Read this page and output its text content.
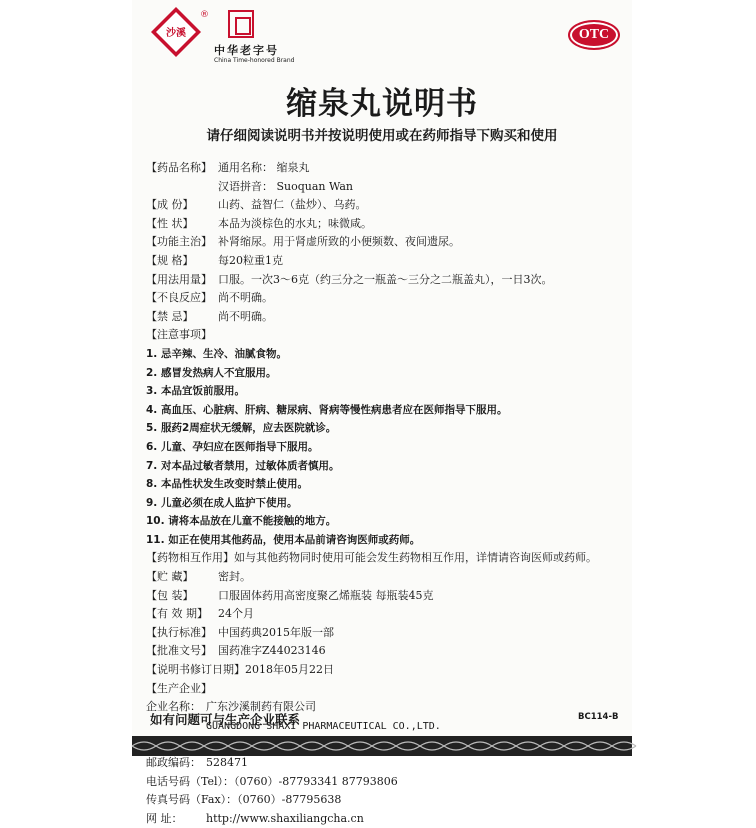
沙溪
®
中华老字号
China Time-honored Brand
OTC
缩泉丸说明书
请仔细阅读说明书并按说明使用或在药师指导下购买和使用
【药品名称】 通用名称： 缩泉丸
汉语拼音： Suoquan Wan
【成 份】 山药、益智仁（盐炒）、乌药。
【性 状】 本品为淡棕色的水丸；味微咸。
【功能主治】 补肾缩尿。用于肾虚所致的小便频数、夜间遗尿。
【规 格】 每20粒重1克
【用法用量】 口服。一次3～6克（约三分之一瓶盖～三分之二瓶盖丸），一日3次。
【不良反应】 尚不明确。
【禁 忌】 尚不明确。
【注意事项】
1. 忌辛辣、生冷、油腻食物。
2. 感冒发热病人不宜服用。
3. 本品宜饭前服用。
4. 高血压、心脏病、肝病、糖尿病、肾病等慢性病患者应在医师指导下服用。
5. 服药2周症状无缓解，应去医院就诊。
6. 儿童、孕妇应在医师指导下服用。
7. 对本品过敏者禁用，过敏体质者慎用。
8. 本品性状发生改变时禁止使用。
9. 儿童必须在成人监护下使用。
10. 请将本品放在儿童不能接触的地方。
11. 如正在使用其他药品，使用本品前请咨询医师或药师。
【药物相互作用】如与其他药物同时使用可能会发生药物相互作用，详情请咨询医师或药师。
【贮 藏】 密封。
【包 装】 口服固体药用高密度聚乙烯瓶装 每瓶装45克
【有 效 期】 24个月
【执行标准】 中国药典2015年版一部
【批准文号】 国药准字Z44023146
【说明书修订日期】2018年05月22日
【生产企业】
企业名称： 广东沙溪制药有限公司
GUANGDONG SHAXI PHARMACEUTICAL CO.,LTD.
邮政编码： 528471
电话号码（Tel）：（0760）-87793341 87793806
传真号码（Fax）：（0760）-87795638
网 址： http://www.shaxiliangcha.cn
如有问题可与生产企业联系	BC114-B
